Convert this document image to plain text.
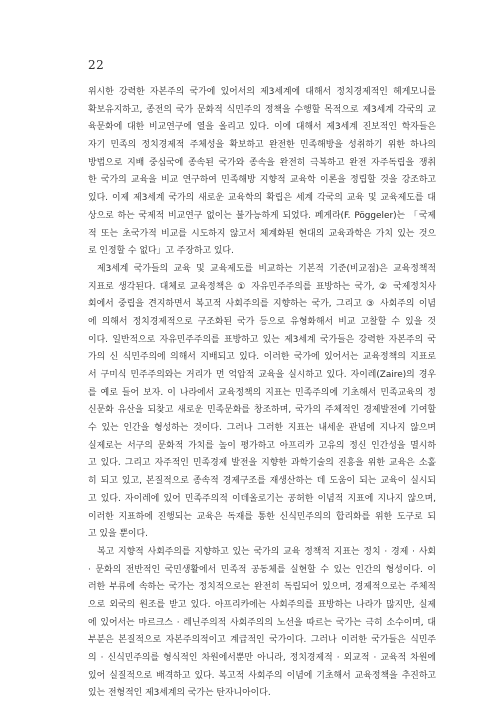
22
위시한 강력한 자본주의 국가에 있어서의 제3세계에 대해서 정치경제적인 헤게모니를
확보유지하고, 종전의 국가 문화적 식민주의 정책을 수행할 목적으로 제3세계 각국의 교
육문화에 대한 비교연구에 열을 올리고 있다. 이에 대해서 제3세계 진보적인 학자들은
자기 민족의 정치경제적 주체성을 확보하고 완전한 민족해방을 성취하기 위한 하나의
방법으로 지배 중심국에 종속된 국가와 종속을 완전히 극복하고 완전 자주독립을 쟁취
한 국가의 교육을 비교 연구하여 민족해방 지향적 교육학 이론을 정립할 것을 강조하고
있다. 이제 제3세계 국가의 새로운 교육학의 확립은 세계 각국의 교육 및 교육제도를 대
상으로 하는 국제적 비교연구 없이는 불가능하게 되었다. 페게라(F. Pöggeler)는 「국제
적 또는 초국가적 비교를 시도하지 않고서 체계화된 현대의 교육과학은 가치 있는 것으
로 인정할 수 없다」고 주장하고 있다.
제3세계 국가들의 교육 및 교육제도를 비교하는 기본적 기준(비교점)은 교육정책적
지표로 생각된다. 대체로 교육정책은 ① 자유민주주의를 표방하는 국가, ② 국제정치사
회에서 중립을 견지하면서 복고적 사회주의를 지향하는 국가, 그리고 ③ 사회주의 이념
에 의해서 정치경제적으로 구조화된 국가 등으로 유형화해서 비교 고찰할 수 있을 것
이다. 일반적으로 자유민주주의를 표방하고 있는 제3세계 국가들은 강력한 자본주의 국
가의 신 식민주의에 의해서 지배되고 있다. 이러한 국가에 있어서는 교육정책의 지표로
서 구미식 민주주의와는 거리가 먼 억압적 교육을 실시하고 있다. 자이레(Zaire)의 경우
를 예로 들어 보자. 이 나라에서 교육정책의 지표는 민족주의에 기초해서 민족교육의 정
신문화 유산을 되찾고 새로운 민족문화를 창조하며, 국가의 주체적인 경제발전에 기여할
수 있는 인간을 형성하는 것이다. 그러나 그러한 지표는 내세운 관념에 지나지 않으며
실제로는 서구의 문화적 가치를 높이 평가하고 아프리카 고유의 정신 인간성을 멸시하
고 있다. 그리고 자주적인 민족경제 발전을 지향한 과학기술의 진흥을 위한 교육은 소홀
히 되고 있고, 본질적으로 종속적 경제구조를 재생산하는 데 도움이 되는 교육이 실시되
고 있다. 자이레에 있어 민족주의적 이데올로기는 공허한 이념적 지표에 지나지 않으며,
이러한 지표하에 진행되는 교육은 독재를 통한 신식민주의의 합리화를 위한 도구로 되
고 있을 뿐이다.
복고 지향적 사회주의를 지향하고 있는 국가의 교육 정책적 지표는 정치 · 경제 · 사회
· 문화의 전반적인 국민생활에서 민족적 공동체를 실현할 수 있는 인간의 형성이다. 이
러한 부류에 속하는 국가는 정치적으로는 완전히 독립되어 있으며, 경제적으로는 주체적
으로 외국의 원조를 받고 있다. 아프리카에는 사회주의를 표방하는 나라가 많지만, 실제
에 있어서는 마르크스 · 레닌주의적 사회주의의 노선을 따르는 국가는 극히 소수이며, 대
부분은 본질적으로 자본주의적이고 계급적인 국가이다. 그러나 이러한 국가들은 식민주
의 · 신식민주의를 형식적인 차원에서뿐만 아니라, 정치경제적 · 외교적 · 교육적 차원에
있어 실질적으로 배격하고 있다. 복고적 사회주의 이념에 기초해서 교육정책을 추진하고
있는 전형적인 제3세계의 국가는 탄자니아이다.
